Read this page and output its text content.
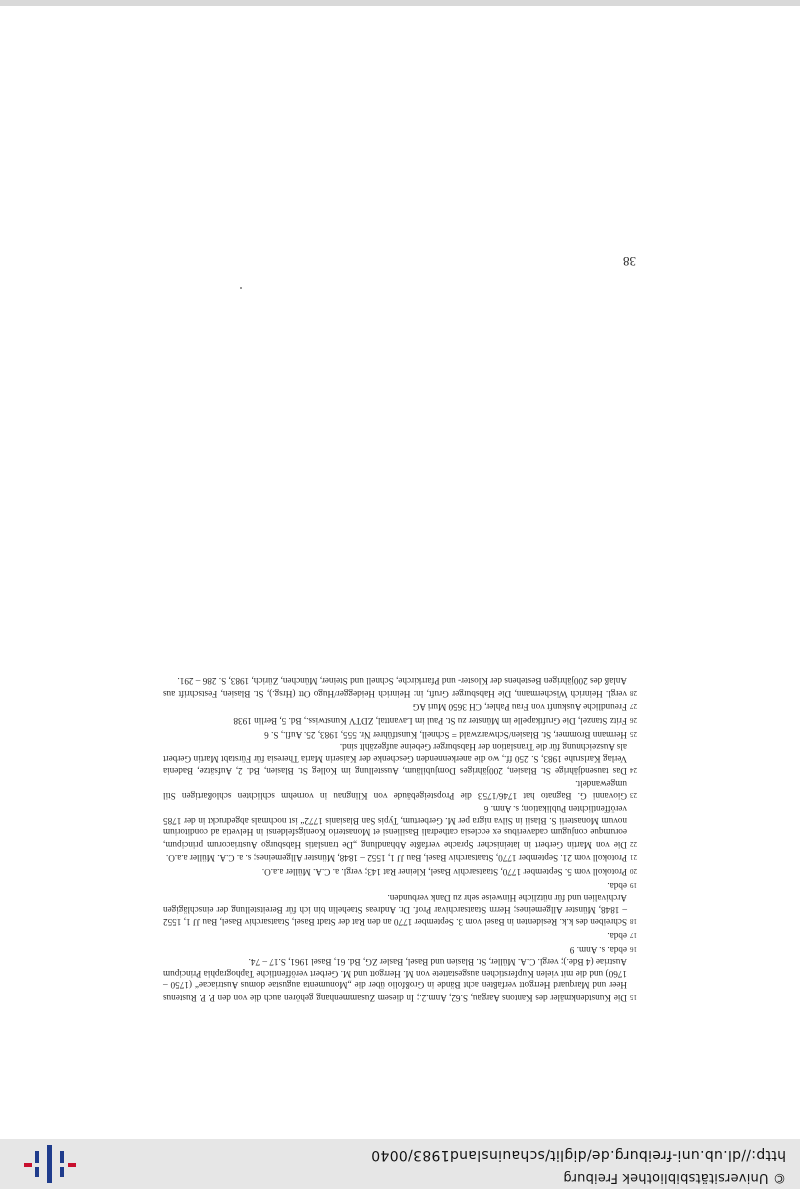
© Universitätsbibliothek Freiburg
http://dl.ub.uni-freiburg.de/diglit/schauinsland1983/0040

15Die Kunstdenkmäler des Kantons Aargau, S.62, Anm.2.; In diesem Zusammenhang gehören auch die von den P. P. Rustenus Heer und Marquard Herrgott verfaßten acht Bände in Großfolio über die „Monumenta augustae domus Austriacae“ (1750 – 1760) und die mit vielen Kupferstichen ausgestattete von M. Herrgott und M. Gerbert veröffentliche Taphographia Principum Austriae (4 Bde.); vergl. C.A. Müller, St. Blasien und Basel, Basler ZG, Bd. 61, Basel 1961, S.17 – 74.

16ebda. s. Anm. 9

17ebda.

18Schreiben des k.k. Residenten in Basel vom 3. September 1770 an den Rat der Stadt Basel, Staatsarchiv Basel, Bau JJ 1, 1552 – 1848, Münster Allgemeines; Herrn Staatsarchivar Prof. Dr. Andreas Staehelin bin ich für Bereitstellung der einschlägigen Archivalien und für nützliche Hinweise sehr zu Dank verbunden.

19ebda.

20Protokoll vom 5. September 1770, Staatsarchiv Basel, Kleiner Rat 143; vergl. a. C.A. Müller a.a.O.

21Protokoll vom 21. September 1770, Staatsarchiv Basel, Bau JJ 1, 1552 – 1848, Münster Allgemeines; s. a. C.A. Müller a.a.O.

22Die von Martin Gerbert in lateinischer Sprache verfaßte Abhandlung „De translatis Habsburgo Austriacorum principum, eorumque conjugum cadaveribus ex ecclesia cathedrali Basiliensi et Monasterio Koenigsfeldensi in Helvetia ad conditorium novum Monasterii S. Blasii in Silva nigra per M. Gerbertum, Typis San Blasianis 1772“ ist nochmals abgedruckt in der 1785 veröffentlichten Publikation; s. Anm. 6

23Giovanni G. Bagnato hat 1746/1753 die Propsteigebäude von Klingnau in vornehm schlichten schloßartigen Stil umgewandelt.

24Das tausendjährige St. Blasien, 200jähriges Domjubiläum, Ausstellung im Kolleg St. Blasien, Bd. 2, Aufsätze, Badenia Verlag Karlsruhe 1983, S. 250 ff., wo die anerkennenden Geschenke der Kaiserin Maria Theresia für Fürstabt Martin Gerbert als Auszeichnung für die Translation der Habsburger Gebeine aufgezählt sind.

25Hermann Brommer, St. Blasien/Schwarzwald = Schnell, Kunstführer Nr. 555, 1983, 25. Aufl., S. 6

26Fritz Stanzel, Die Gruftkapelle im Münster zu St. Paul im Lavanttal, ZDTV Kunstwiss., Bd. 5, Berlin 1938

27Freundliche Auskunft von Frau Pahler, CH 3650 Muri AG

28vergl. Heinrich Wischermann, Die Habsburger Gruft, in: Heinrich Heidegger/Hugo Ott (Hrsg.), St. Blasien, Festschrift aus Anlaß des 200jährigen Bestehens der Kloster- und Pfarrkirche, Schnell und Steiner, München, Zürich, 1983, S. 286 – 291.

38
